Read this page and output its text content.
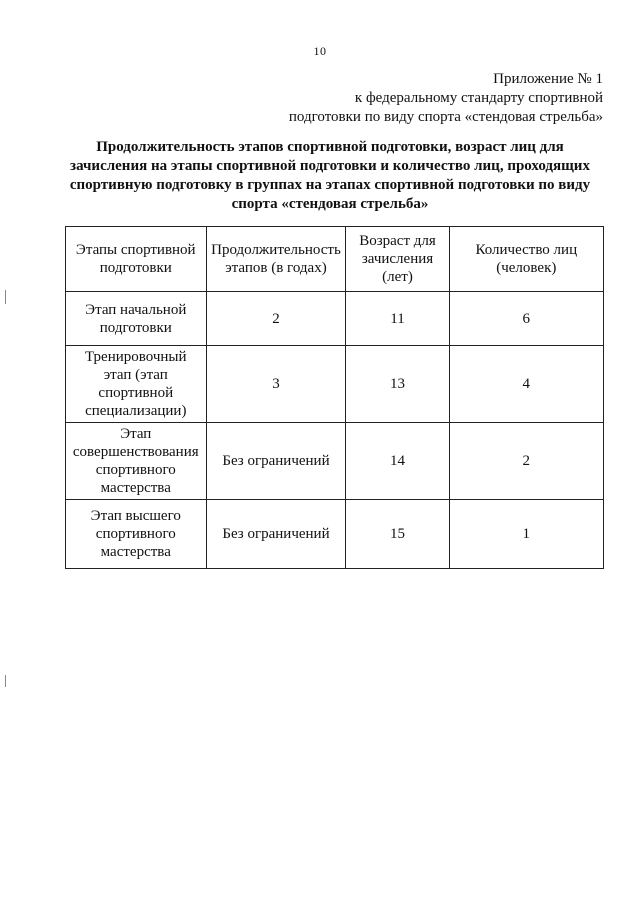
10
Приложение № 1
к федеральному стандарту спортивной
подготовки по виду спорта «стендовая стрельба»
Продолжительность этапов спортивной подготовки, возраст лиц для
зачисления на этапы спортивной подготовки и количество лиц, проходящих
спортивную подготовку в группах на этапах спортивной подготовки по виду
спорта «стендовая стрельба»
Этапы спортивной подготовки	Продолжительность этапов (в годах)	Возраст для зачисления (лет)	Количество лиц (человек)
Этап начальной подготовки	2	11	6
Тренировочный этап (этап спортивной специализации)	3	13	4
Этап совершенствования спортивного мастерства	Без ограничений	14	2
Этап высшего спортивного мастерства	Без ограничений	15	1
